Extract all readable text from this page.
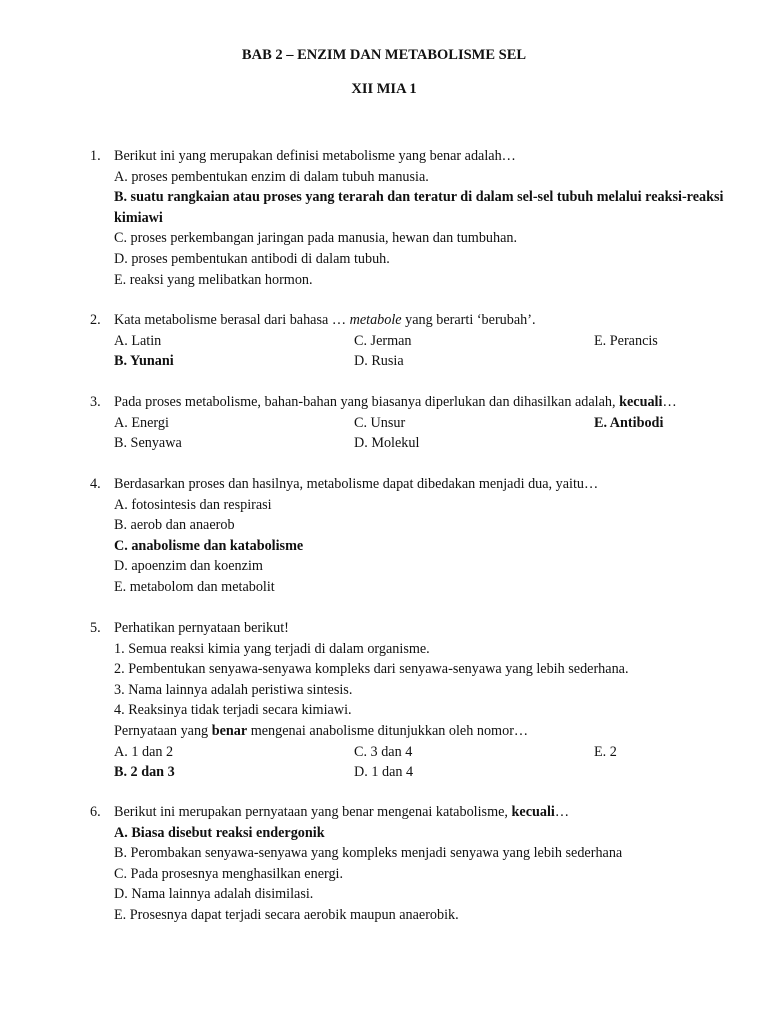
BAB 2 – ENZIM DAN METABOLISME SEL
XII MIA 1
1. Berikut ini yang merupakan definisi metabolisme yang benar adalah…
A. proses pembentukan enzim di dalam tubuh manusia.
B. suatu rangkaian atau proses yang terarah dan teratur di dalam sel-sel tubuh melalui reaksi-reaksi kimiawi
C. proses perkembangan jaringan pada manusia, hewan dan tumbuhan.
D. proses pembentukan antibodi di dalam tubuh.
E. reaksi yang melibatkan hormon.
2. Kata metabolisme berasal dari bahasa … metabole yang berarti ‘berubah’.
A. Latin	C. Jerman	E. Perancis
B. Yunani	D. Rusia
3. Pada proses metabolisme, bahan-bahan yang biasanya diperlukan dan dihasilkan adalah, kecuali…
A. Energi	C. Unsur	E. Antibodi
B. Senyawa	D. Molekul
4. Berdasarkan proses dan hasilnya, metabolisme dapat dibedakan menjadi dua, yaitu…
A. fotosintesis dan respirasi
B. aerob dan anaerob
C. anabolisme dan katabolisme
D. apoenzim dan koenzim
E. metabolom dan metabolit
5. Perhatikan pernyataan berikut!
1. Semua reaksi kimia yang terjadi di dalam organisme.
2. Pembentukan senyawa-senyawa kompleks dari senyawa-senyawa yang lebih sederhana.
3. Nama lainnya adalah peristiwa sintesis.
4. Reaksinya tidak terjadi secara kimiawi.
Pernyataan yang benar mengenai anabolisme ditunjukkan oleh nomor…
A. 1 dan 2	C. 3 dan 4	E. 2
B. 2 dan 3	D. 1 dan 4
6. Berikut ini merupakan pernyataan yang benar mengenai katabolisme, kecuali…
A. Biasa disebut reaksi endergonik
B. Perombakan senyawa-senyawa yang kompleks menjadi senyawa yang lebih sederhana
C. Pada prosesnya menghasilkan energi.
D. Nama lainnya adalah disimilasi.
E. Prosesnya dapat terjadi secara aerobik maupun anaerobik.
